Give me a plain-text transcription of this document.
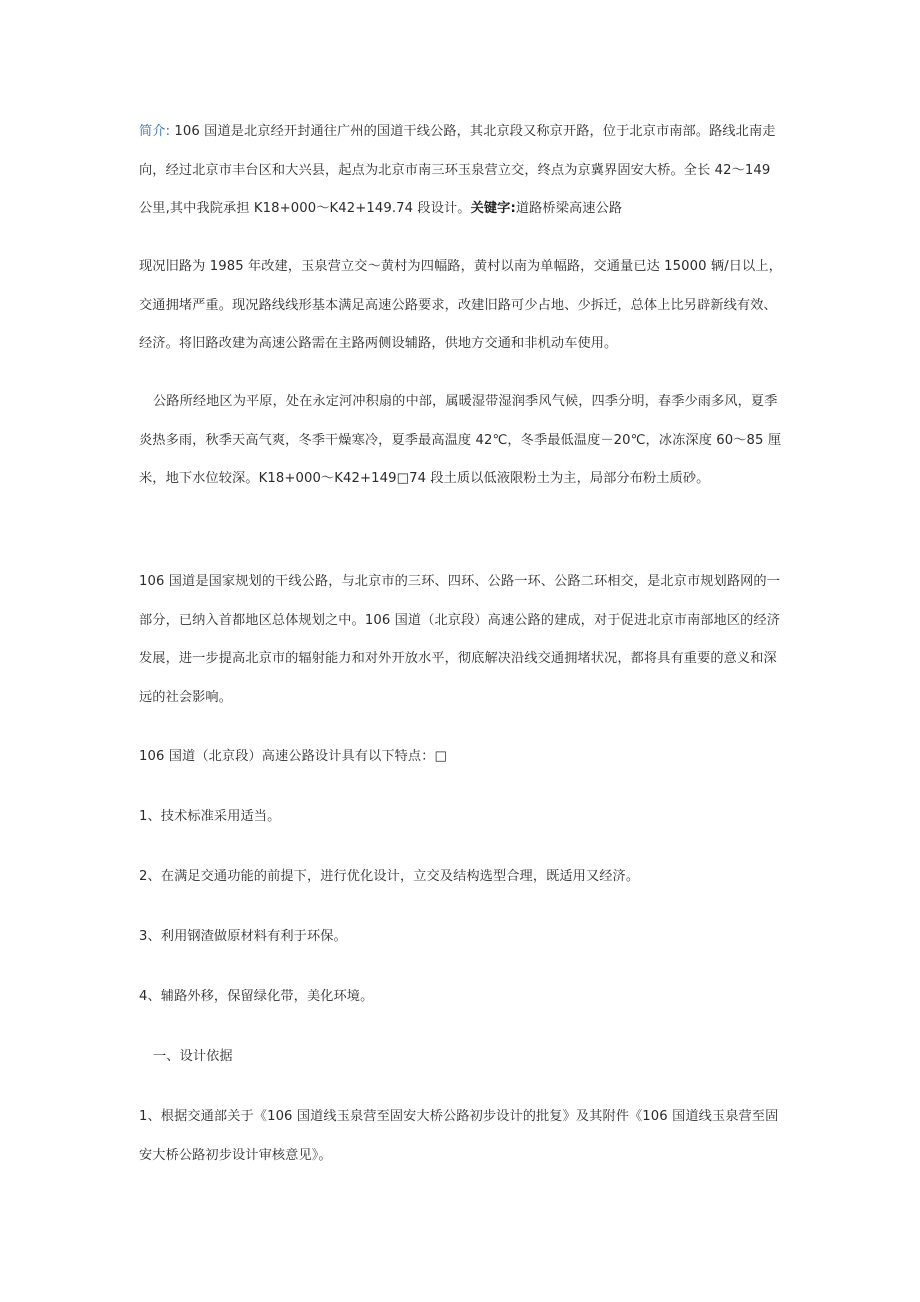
简介: 106 国道是北京经开封通往广州的国道干线公路，其北京段又称京开路，位于北京市南部。路线北南走向，经过北京市丰台区和大兴县，起点为北京市南三环玉泉营立交，终点为京冀界固安大桥。全长 42～149 公里,其中我院承担 K18+000～K42+149.74 段设计。关键字:道路桥梁高速公路

现况旧路为 1985 年改建，玉泉营立交～黄村为四幅路，黄村以南为单幅路，交通量已达 15000 辆/日以上，交通拥堵严重。现况路线线形基本满足高速公路要求，改建旧路可少占地、少拆迁，总体上比另辟新线有效、经济。将旧路改建为高速公路需在主路两侧设辅路，供地方交通和非机动车使用。

公路所经地区为平原，处在永定河冲积扇的中部，属暖湿带湿润季风气候，四季分明，春季少雨多风，夏季炎热多雨，秋季天高气爽，冬季干燥寒冷，夏季最高温度 42℃，冬季最低温度－20℃，冰冻深度 60～85 厘米，地下水位较深。K18+000～K42+149□74 段土质以低液限粉土为主，局部分布粉土质砂。

106 国道是国家规划的干线公路，与北京市的三环、四环、公路一环、公路二环相交，是北京市规划路网的一部分，已纳入首都地区总体规划之中。106 国道（北京段）高速公路的建成，对于促进北京市南部地区的经济发展，进一步提高北京市的辐射能力和对外开放水平，彻底解决沿线交通拥堵状况，都将具有重要的意义和深远的社会影响。

106 国道（北京段）高速公路设计具有以下特点：□

1、技术标准采用适当。

2、在满足交通功能的前提下，进行优化设计，立交及结构选型合理，既适用又经济。

3、利用钢渣做原材料有利于环保。

4、辅路外移，保留绿化带，美化环境。

一、设计依据

1、根据交通部关于《106 国道线玉泉营至固安大桥公路初步设计的批复》及其附件《106 国道线玉泉营至固安大桥公路初步设计审核意见》。
